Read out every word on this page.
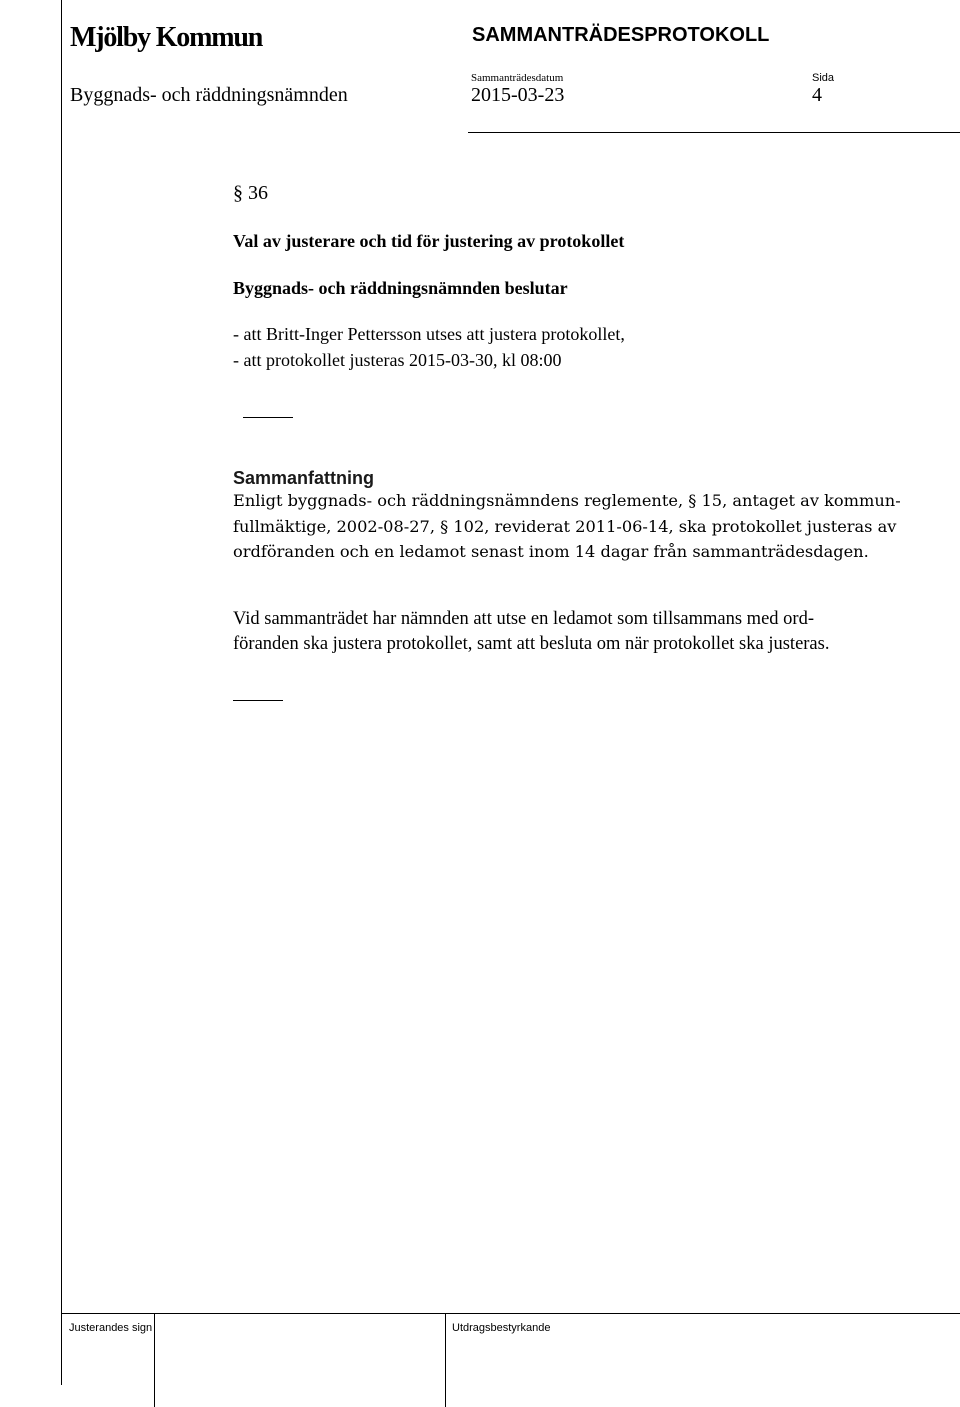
Mjölby Kommun	SAMMANTRÄDESPROTOKOLL
Sammanträdesdatum	Sida
Byggnads- och räddningsnämnden	2015-03-23	4
§ 36
Val av justerare och tid för justering av protokollet
Byggnads- och räddningsnämnden beslutar
- att Britt-Inger Pettersson utses att justera protokollet,
- att protokollet justeras 2015-03-30, kl 08:00
Sammanfattning
Enligt byggnads- och räddningsnämndens reglemente, § 15, antaget av kommun-
fullmäktige, 2002-08-27, § 102, reviderat 2011-06-14, ska protokollet justeras av
ordföranden och en ledamot senast inom 14 dagar från sammanträdesdagen.
Vid sammanträdet har nämnden att utse en ledamot som tillsammans med ord-
föranden ska justera protokollet, samt att besluta om när protokollet ska justeras.
Justerandes sign	Utdragsbestyrkande
